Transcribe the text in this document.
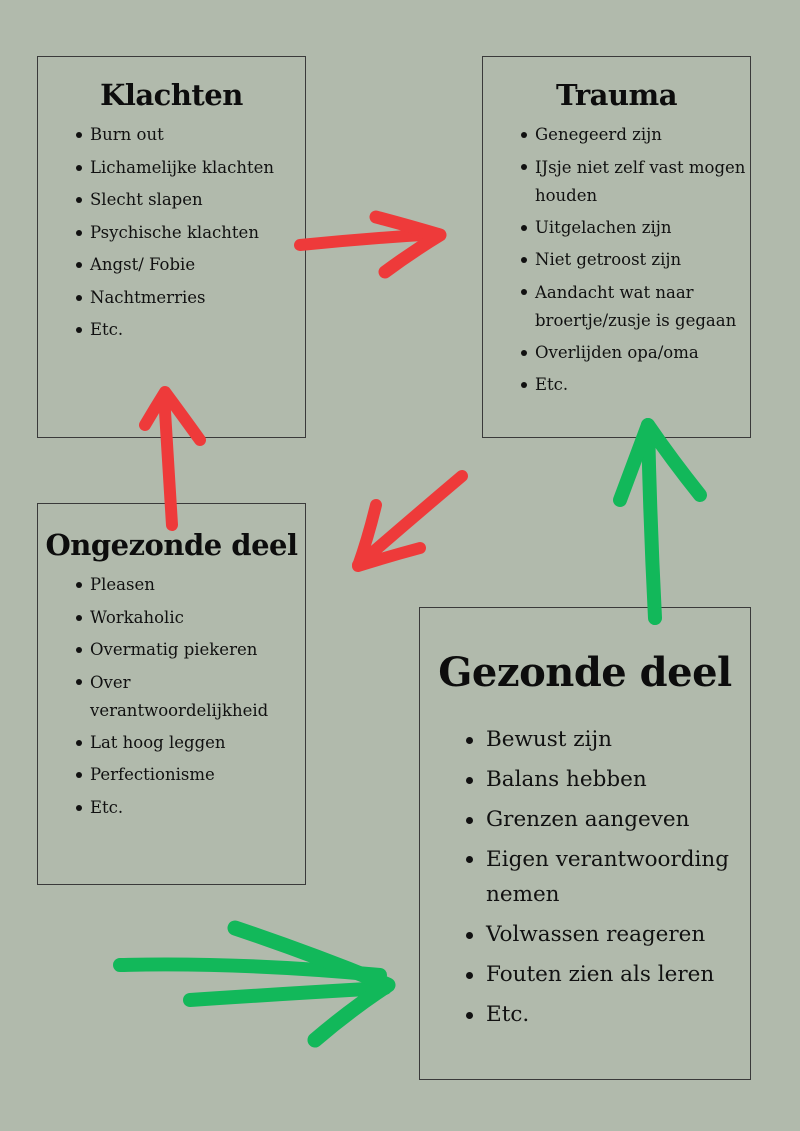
Klachten
Burn out
Lichamelijke klachten
Slecht slapen
Psychische klachten
Angst/ Fobie
Nachtmerries
Etc.
Trauma
Genegeerd zijn
IJsje niet zelf vast mogen houden
Uitgelachen zijn
Niet getroost zijn
Aandacht wat naar broertje/zusje is gegaan
Overlijden opa/oma
Etc.
Ongezonde deel
Pleasen
Workaholic
Overmatig piekeren
Over verantwoordelijkheid
Lat hoog leggen
Perfectionisme
Etc.
Gezonde deel
Bewust zijn
Balans hebben
Grenzen aangeven
Eigen verantwoording nemen
Volwassen reageren
Fouten zien als leren
Etc.
